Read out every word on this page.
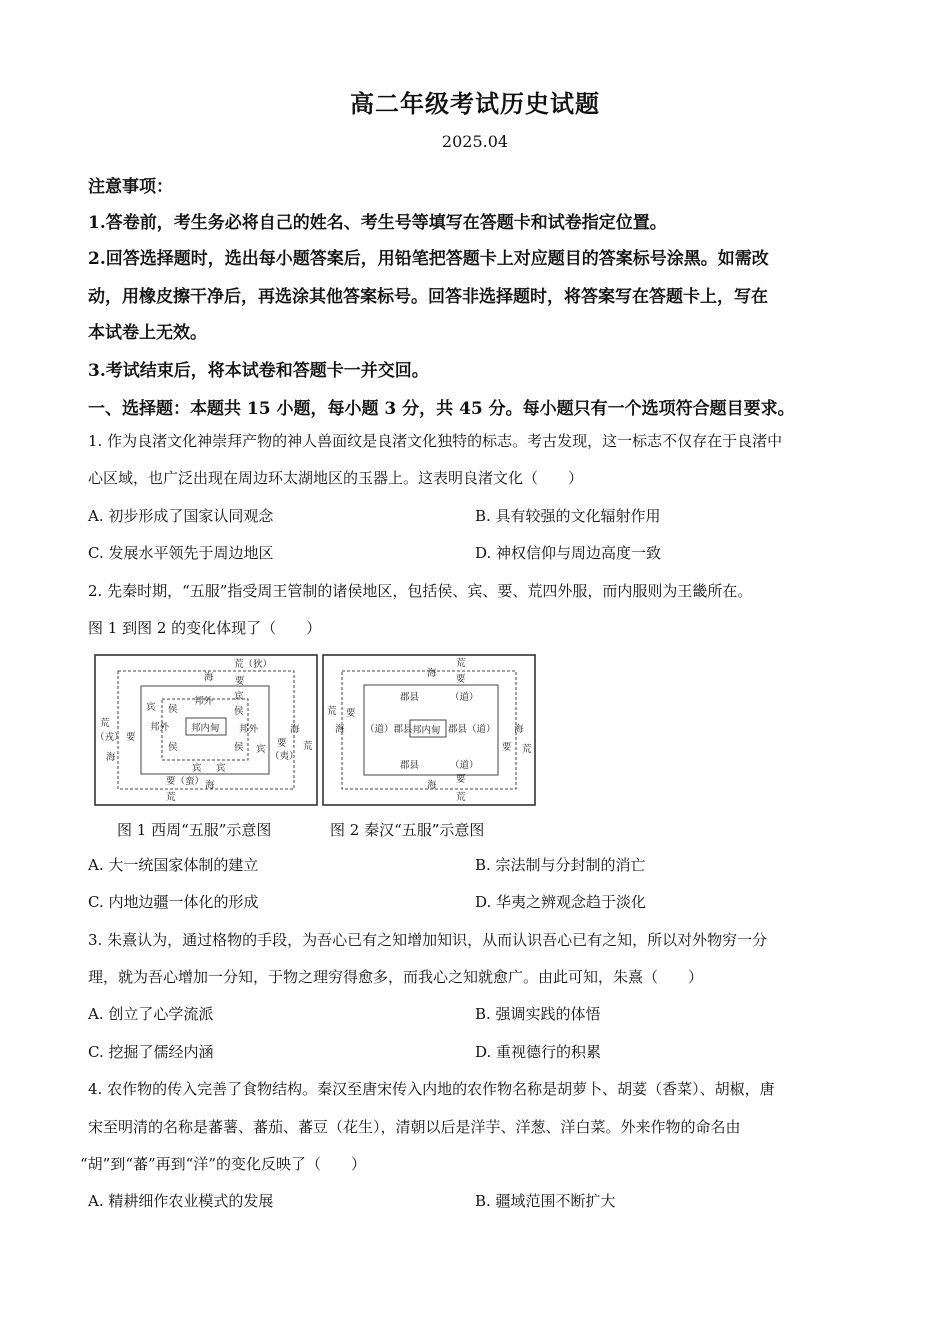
高二年级考试历史试题
2025.04
注意事项：
1.答卷前，考生务必将自己的姓名、考生号等填写在答题卡和试卷指定位置。
2.回答选择题时，选出每小题答案后，用铅笔把答题卡上对应题目的答案标号涂黑。如需改
动，用橡皮擦干净后，再选涂其他答案标号。回答非选择题时，将答案写在答题卡上，写在
本试卷上无效。
3.考试结束后，将本试卷和答题卡一并交回。
一、选择题：本题共 15 小题，每小题 3 分，共 45 分。每小题只有一个选项符合题目要求。
1. 作为良渚文化神崇拜产物的神人兽面纹是良渚文化独特的标志。考古发现，这一标志不仅存在于良渚中
心区域，也广泛出现在周边环太湖地区的玉器上。这表明良渚文化（　　）
A. 初步形成了国家认同观念	B. 具有较强的文化辐射作用
C. 发展水平领先于周边地区	D. 神权信仰与周边高度一致
2. 先秦时期，“五服”指受周王管制的诸侯地区，包括侯、宾、要、荒四外服，而内服则为王畿所在。
图 1 到图 2 的变化体现了（　　）
荒（狄）
海 要
荒
（戎）
海
要
宾 侯
邦外
侯
宾
邦外 宾
侯
邦内甸 邦外
侯 宾
宾
要
（夷）
海
荒
要（蛮） 海
荒
荒
海
要
郡县	（道）
荒
海
要
（道）郡县 邦内甸 郡县（道）
要
海
荒
郡县	（道）
要
海
荒
图 1 西周“五服”示意图	图 2 秦汉“五服”示意图
A. 大一统国家体制的建立	B. 宗法制与分封制的消亡
C. 内地边疆一体化的形成	D. 华夷之辨观念趋于淡化
3. 朱熹认为，通过格物的手段，为吾心已有之知增加知识，从而认识吾心已有之知，所以对外物穷一分
理，就为吾心增加一分知，于物之理穷得愈多，而我心之知就愈广。由此可知，朱熹（　　）
A. 创立了心学流派	B. 强调实践的体悟
C. 挖掘了儒经内涵	D. 重视德行的积累
4. 农作物的传入完善了食物结构。秦汉至唐宋传入内地的农作物名称是胡萝卜、胡荽（香菜）、胡椒，唐
宋至明清的名称是蕃薯、蕃茄、蕃豆（花生），清朝以后是洋芋、洋葱、洋白菜。外来作物的命名由
“胡”到“蕃”再到“洋”的变化反映了（　　）
A. 精耕细作农业模式的发展	B. 疆域范围不断扩大
